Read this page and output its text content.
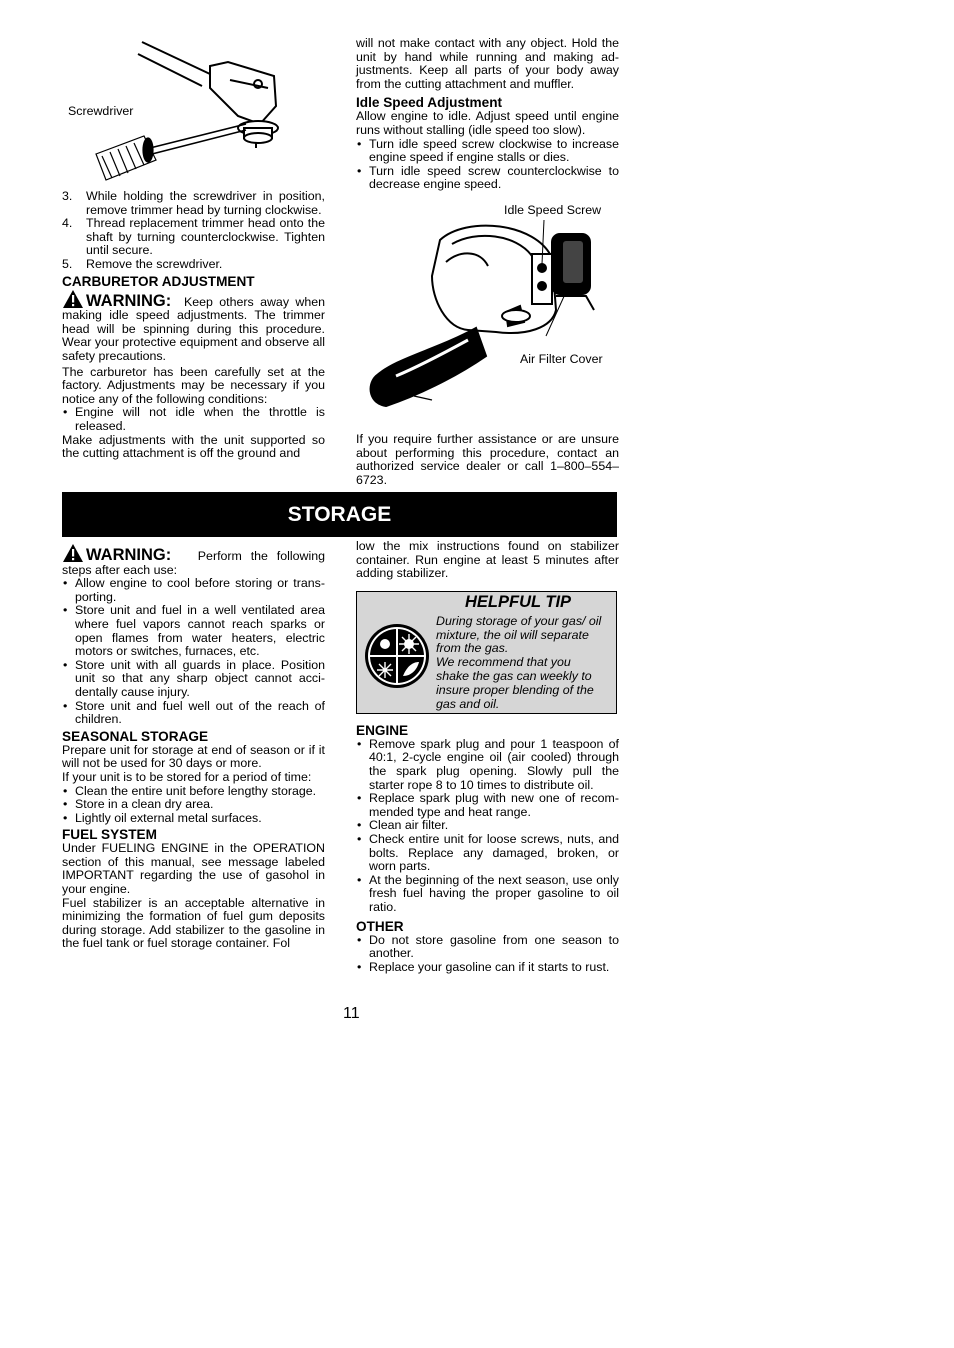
Screwdriver
3. While holding the screwdriver in position, remove trimmer head by turning clockwise.
4. Thread replacement trimmer head onto the shaft by turning counterclockwise. Tighten until secure.
5. Remove the screwdriver.
CARBURETOR ADJUSTMENT

WARNING: Keep others away when making idle speed adjustments. The trimmer head will be spinning during this procedure. Wear your protective equipment and observe all safety precautions.

The carburetor has been carefully set at the factory. Adjustments may be necessary if you notice any of the following conditions:

• Engine will not idle when the throttle is released.

Make adjustments with the unit supported so the cutting attachment is off the ground and

will not make contact with any object. Hold the unit by hand while running and making adjustments. Keep all parts of your body away from the cutting attachment and muffler.

Idle Speed Adjustment

Allow engine to idle. Adjust speed until engine runs without stalling (idle speed too slow).

• Turn idle speed screw clockwise to increase engine speed if engine stalls or dies.
• Turn idle speed screw counterclockwise to decrease engine speed.
Idle Speed Screw
Air Filter Cover

If you require further assistance or are unsure about performing this procedure, contact an authorized service dealer or call 1–800–554–6723.

STORAGE

WARNING: Perform the following steps after each use:

• Allow engine to cool before storing or transporting.
• Store unit and fuel in a well ventilated area where fuel vapors cannot reach sparks or open flames from water heaters, electric motors or switches, furnaces, etc.
• Store unit with all guards in place. Position unit so that any sharp object cannot accidentally cause injury.
• Store unit and fuel well out of the reach of children.
SEASONAL STORAGE

Prepare unit for storage at end of season or if it will not be used for 30 days or more.

If your unit is to be stored for a period of time:

• Clean the entire unit before lengthy storage.
• Store in a clean dry area.
• Lightly oil external metal surfaces.
FUEL SYSTEM

Under FUELING ENGINE in the OPERATION section of this manual, see message labeled IMPORTANT regarding the use of gasohol in your engine.

Fuel stabilizer is an acceptable alternative in minimizing the formation of fuel gum deposits during storage. Add stabilizer to the gasoline in the fuel tank or fuel storage container. Fol

low the mix instructions found on stabilizer container. Run engine at least 5 minutes after adding stabilizer.

HELPFUL TIP

During storage of your gas/ oil mixture, the oil will separate from the gas.

We recommend that you shake the gas can weekly to insure proper blending of the gas and oil.

ENGINE
• Remove spark plug and pour 1 teaspoon of 40:1, 2-cycle engine oil (air cooled) through the spark plug opening. Slowly pull the starter rope 8 to 10 times to distribute oil.
• Replace spark plug with new one of recommended type and heat range.
• Clean air filter.
• Check entire unit for loose screws, nuts, and bolts. Replace any damaged, broken, or worn parts.
• At the beginning of the next season, use only fresh fuel having the proper gasoline to oil ratio.
OTHER
• Do not store gasoline from one season to another.
• Replace your gasoline can if it starts to rust.
11
